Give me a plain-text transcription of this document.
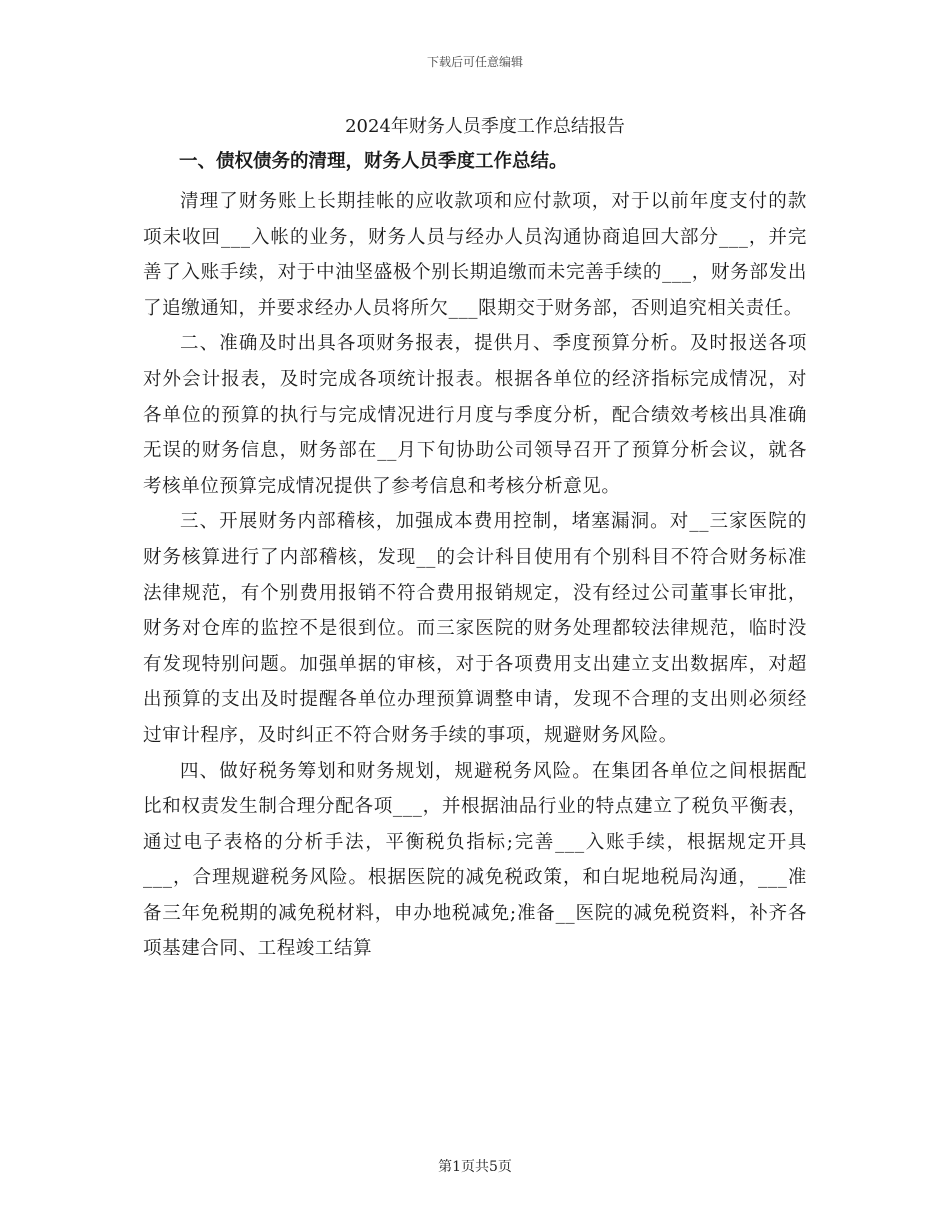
下载后可任意编辑
2024年财务人员季度工作总结报告
一、债权债务的清理，财务人员季度工作总结。

清理了财务账上长期挂帐的应收款项和应付款项，对于以前年度支付的款项未收回___入帐的业务，财务人员与经办人员沟通协商追回大部分___，并完善了入账手续，对于中油坚盛极个别长期追缴而未完善手续的___，财务部发出了追缴通知，并要求经办人员将所欠___限期交于财务部，否则追究相关责任。

二、准确及时出具各项财务报表，提供月、季度预算分析。及时报送各项对外会计报表，及时完成各项统计报表。根据各单位的经济指标完成情况，对各单位的预算的执行与完成情况进行月度与季度分析，配合绩效考核出具准确无误的财务信息，财务部在__月下旬协助公司领导召开了预算分析会议，就各考核单位预算完成情况提供了参考信息和考核分析意见。

三、开展财务内部稽核，加强成本费用控制，堵塞漏洞。对__三家医院的财务核算进行了内部稽核，发现__的会计科目使用有个别科目不符合财务标准法律规范，有个别费用报销不符合费用报销规定，没有经过公司董事长审批，财务对仓库的监控不是很到位。而三家医院的财务处理都较法律规范，临时没有发现特别问题。加强单据的审核，对于各项费用支出建立支出数据库，对超出预算的支出及时提醒各单位办理预算调整申请，发现不合理的支出则必须经过审计程序，及时纠正不符合财务手续的事项，规避财务风险。

四、做好税务筹划和财务规划，规避税务风险。在集团各单位之间根据配比和权责发生制合理分配各项___，并根据油品行业的特点建立了税负平衡表，通过电子表格的分析手法，平衡税负指标;完善___入账手续，根据规定开具___，合理规避税务风险。根据医院的减免税政策，和白坭地税局沟通，___准备三年免税期的减免税材料，申办地税减免;准备__医院的减免税资料，补齐各项基建合同、工程竣工结算

第1页共5页
